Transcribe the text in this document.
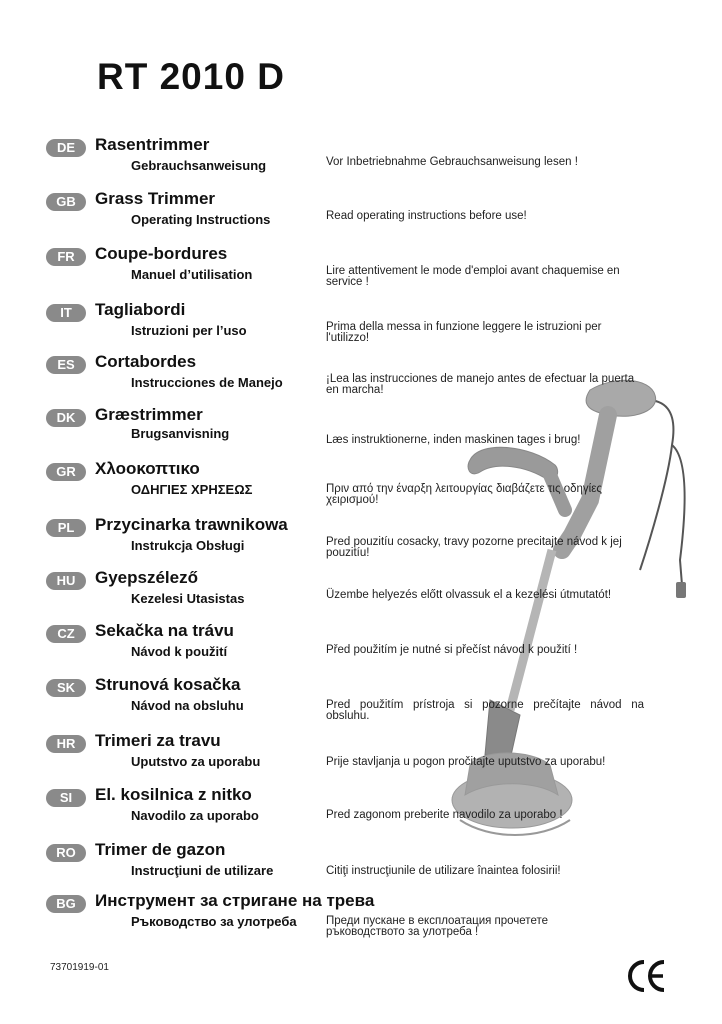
RT 2010 D
DE	Rasentrimmer
Gebrauchsanweisung	Vor Inbetriebnahme Gebrauchsanweisung lesen !
GB	Grass Trimmer
Operating Instructions	Read operating instructions before use!
FR	Coupe-bordures
Manuel d’utilisation	Lire attentivement le mode d'emploi avant chaquemise en service !
IT	Tagliabordi
Istruzioni per l’uso	Prima della messa in funzione leggere le istruzioni per l'utilizzo!
ES	Cortabordes
Instrucciones de Manejo	¡Lea las instrucciones de manejo antes de efectuar la puerta en marcha!
DK	Græstrimmer
Brugsanvisning	Læs instruktionerne, inden maskinen tages i brug!
GR	Χλοοκοπτικο
ΟΔΗΓΙΕΣ ΧΡΗΣΕΩΣ	Πριν από την έναρξη λειτουργίας διαβάζετε τις οδηγίες χειρισμού!
PL	Przycinarka trawnikowa
Instrukcja Obsługi	Pred pouzitíu cosacky, travy pozorne precitajte návod k jej pouzitíu!
HU	Gyepszélező
Kezelesi Utasistas	Üzembe helyezés előtt olvassuk el a kezelési útmutatót!
CZ	Sekačka na trávu
Návod k použití	Před použitím je nutné si přečíst návod k použití !
SK	Strunová kosačka
Návod na obsluhu	Pred použitím prístroja si pozorne prečítajte návod na obsluhu.
HR	Trimeri za travu
Uputstvo za uporabu	Prije stavljanja u pogon pročitajte uputstvo za uporabu!
SI	El. kosilnica z nitko
Navodilo za uporabo	Pred zagonom preberite navodilo za uporabo !
RO	Trimer de gazon
Instrucţiuni de utilizare	Citiţi instrucţiunile de utilizare înaintea folosirii!
BG	Инструмент за стригане на трева
Ръководство за улотреба	Преди пускане в експлоатация прочетете ръководството за улотреба !
73701919-01
